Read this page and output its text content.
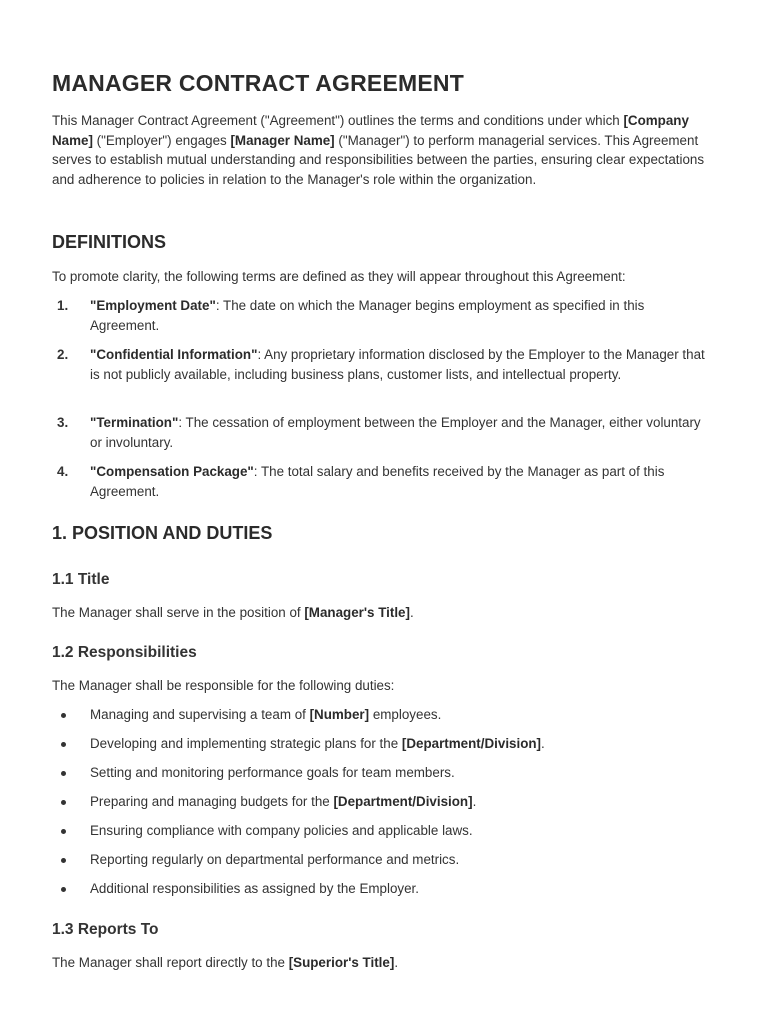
MANAGER CONTRACT AGREEMENT

This Manager Contract Agreement ("Agreement") outlines the terms and conditions under which [Company Name] ("Employer") engages [Manager Name] ("Manager") to perform managerial services. This Agreement serves to establish mutual understanding and responsibilities between the parties, ensuring clear expectations and adherence to policies in relation to the Manager's role within the organization.

DEFINITIONS

To promote clarity, the following terms are defined as they will appear throughout this Agreement:

1. "Employment Date": The date on which the Manager begins employment as specified in this Agreement.
2. "Confidential Information": Any proprietary information disclosed by the Employer to the Manager that is not publicly available, including business plans, customer lists, and intellectual property.
3. "Termination": The cessation of employment between the Employer and the Manager, either voluntary or involuntary.
4. "Compensation Package": The total salary and benefits received by the Manager as part of this Agreement.
1. POSITION AND DUTIES
1.1 Title

The Manager shall serve in the position of [Manager's Title].

1.2 Responsibilities

The Manager shall be responsible for the following duties:

Managing and supervising a team of [Number] employees.
Developing and implementing strategic plans for the [Department/Division].
Setting and monitoring performance goals for team members.
Preparing and managing budgets for the [Department/Division].
Ensuring compliance with company policies and applicable laws.
Reporting regularly on departmental performance and metrics.
Additional responsibilities as assigned by the Employer.
1.3 Reports To

The Manager shall report directly to the [Superior's Title].
